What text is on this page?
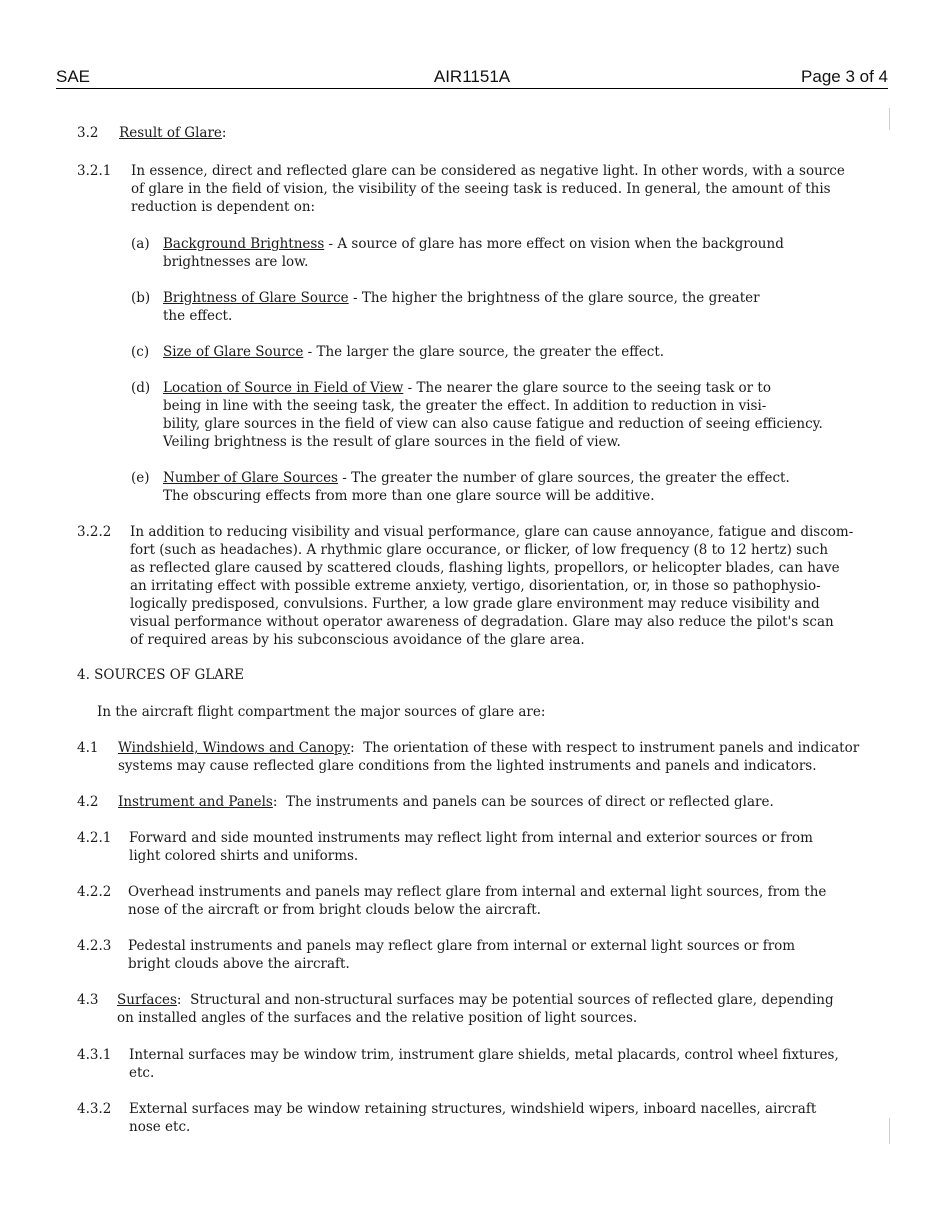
SAE	AIR1151A	Page 3 of 4
3.2 Result of Glare:
3.2.1 In essence, direct and reflected glare can be considered as negative light. In other words, with a source
of glare in the field of vision, the visibility of the seeing task is reduced. In general, the amount of this
reduction is dependent on:
(a) Background Brightness - A source of glare has more effect on vision when the background
brightnesses are low.
(b) Brightness of Glare Source - The higher the brightness of the glare source, the greater
the effect.
(c) Size of Glare Source - The larger the glare source, the greater the effect.
(d) Location of Source in Field of View - The nearer the glare source to the seeing task or to
being in line with the seeing task, the greater the effect. In addition to reduction in visi-
bility, glare sources in the field of view can also cause fatigue and reduction of seeing efficiency.
Veiling brightness is the result of glare sources in the field of view.
(e) Number of Glare Sources - The greater the number of glare sources, the greater the effect.
The obscuring effects from more than one glare source will be additive.
3.2.2 In addition to reducing visibility and visual performance, glare can cause annoyance, fatigue and discom-
fort (such as headaches). A rhythmic glare occurance, or flicker, of low frequency (8 to 12 hertz) such
as reflected glare caused by scattered clouds, flashing lights, propellors, or helicopter blades, can have
an irritating effect with possible extreme anxiety, vertigo, disorientation, or, in those so pathophysio-
logically predisposed, convulsions. Further, a low grade glare environment may reduce visibility and
visual performance without operator awareness of degradation. Glare may also reduce the pilot's scan
of required areas by his subconscious avoidance of the glare area.
4. SOURCES OF GLARE
In the aircraft flight compartment the major sources of glare are:
4.1 Windshield, Windows and Canopy:  The orientation of these with respect to instrument panels and indicator
systems may cause reflected glare conditions from the lighted instruments and panels and indicators.
4.2 Instrument and Panels:  The instruments and panels can be sources of direct or reflected glare.
4.2.1 Forward and side mounted instruments may reflect light from internal and exterior sources or from
light colored shirts and uniforms.
4.2.2 Overhead instruments and panels may reflect glare from internal and external light sources, from the
nose of the aircraft or from bright clouds below the aircraft.
4.2.3 Pedestal instruments and panels may reflect glare from internal or external light sources or from
bright clouds above the aircraft.
4.3 Surfaces:  Structural and non-structural surfaces may be potential sources of reflected glare, depending
on installed angles of the surfaces and the relative position of light sources.
4.3.1 Internal surfaces may be window trim, instrument glare shields, metal placards, control wheel fixtures,
etc.
4.3.2 External surfaces may be window retaining structures, windshield wipers, inboard nacelles, aircraft
nose etc.
